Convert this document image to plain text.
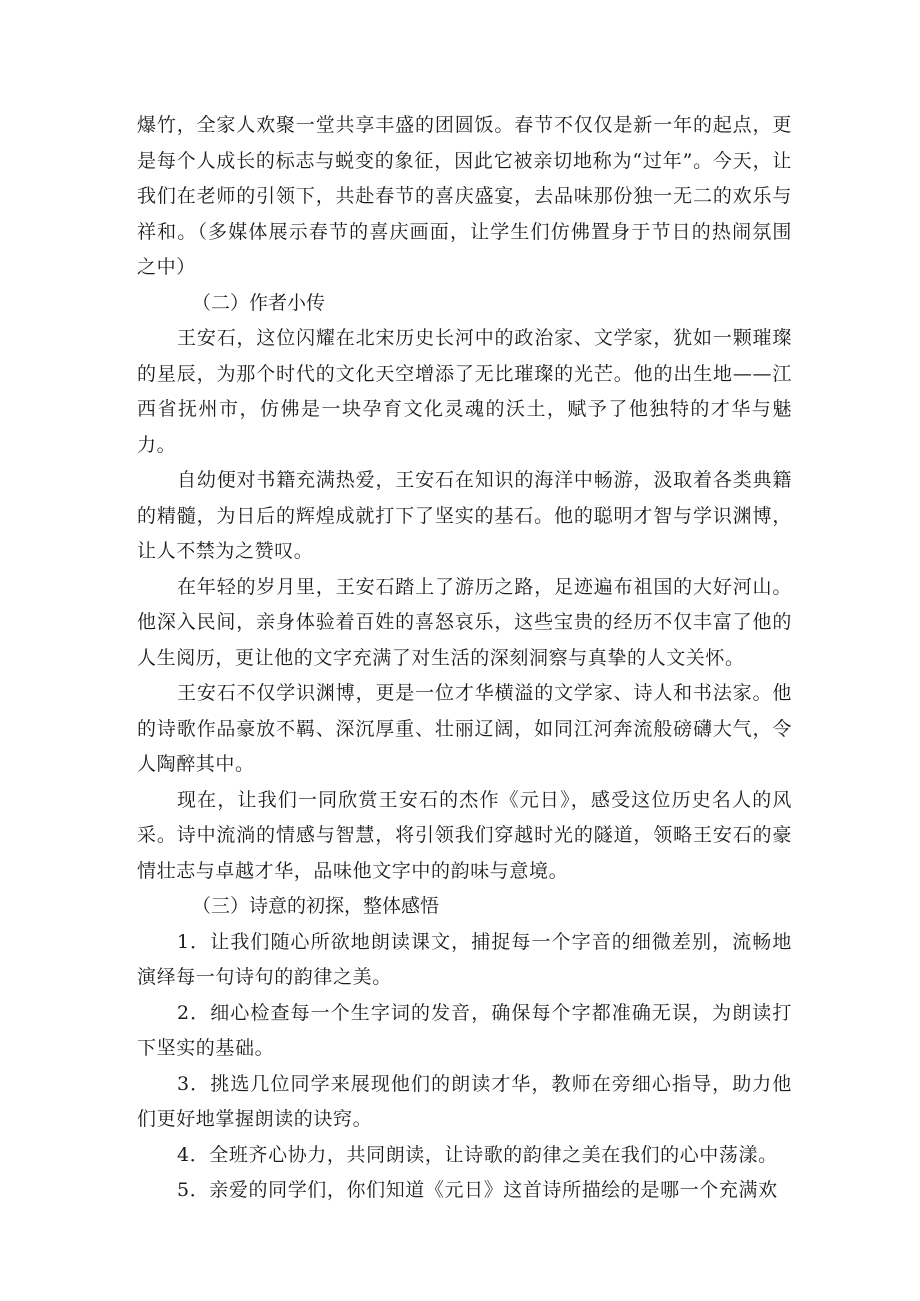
爆竹，全家人欢聚一堂共享丰盛的团圆饭。春节不仅仅是新一年的起点，更是每个人成长的标志与蜕变的象征，因此它被亲切地称为“过年”。今天，让我们在老师的引领下，共赴春节的喜庆盛宴，去品味那份独一无二的欢乐与祥和。（多媒体展示春节的喜庆画面，让学生们仿佛置身于节日的热闹氛围之中）

（二）作者小传

王安石，这位闪耀在北宋历史长河中的政治家、文学家，犹如一颗璀璨的星辰，为那个时代的文化天空增添了无比璀璨的光芒。他的出生地——江西省抚州市，仿佛是一块孕育文化灵魂的沃土，赋予了他独特的才华与魅力。

自幼便对书籍充满热爱，王安石在知识的海洋中畅游，汲取着各类典籍的精髓，为日后的辉煌成就打下了坚实的基石。他的聪明才智与学识渊博，让人不禁为之赞叹。

在年轻的岁月里，王安石踏上了游历之路，足迹遍布祖国的大好河山。他深入民间，亲身体验着百姓的喜怒哀乐，这些宝贵的经历不仅丰富了他的人生阅历，更让他的文字充满了对生活的深刻洞察与真挚的人文关怀。

王安石不仅学识渊博，更是一位才华横溢的文学家、诗人和书法家。他的诗歌作品豪放不羁、深沉厚重、壮丽辽阔，如同江河奔流般磅礴大气，令人陶醉其中。

现在，让我们一同欣赏王安石的杰作《元日》，感受这位历史名人的风采。诗中流淌的情感与智慧，将引领我们穿越时光的隧道，领略王安石的豪情壮志与卓越才华，品味他文字中的韵味与意境。

（三）诗意的初探，整体感悟

1．让我们随心所欲地朗读课文，捕捉每一个字音的细微差别，流畅地演绎每一句诗句的韵律之美。

2．细心检查每一个生字词的发音，确保每个字都准确无误，为朗读打下坚实的基础。

3．挑选几位同学来展现他们的朗读才华，教师在旁细心指导，助力他们更好地掌握朗读的诀窍。

4．全班齐心协力，共同朗读，让诗歌的韵律之美在我们的心中荡漾。

5．亲爱的同学们，你们知道《元日》这首诗所描绘的是哪一个充满欢
